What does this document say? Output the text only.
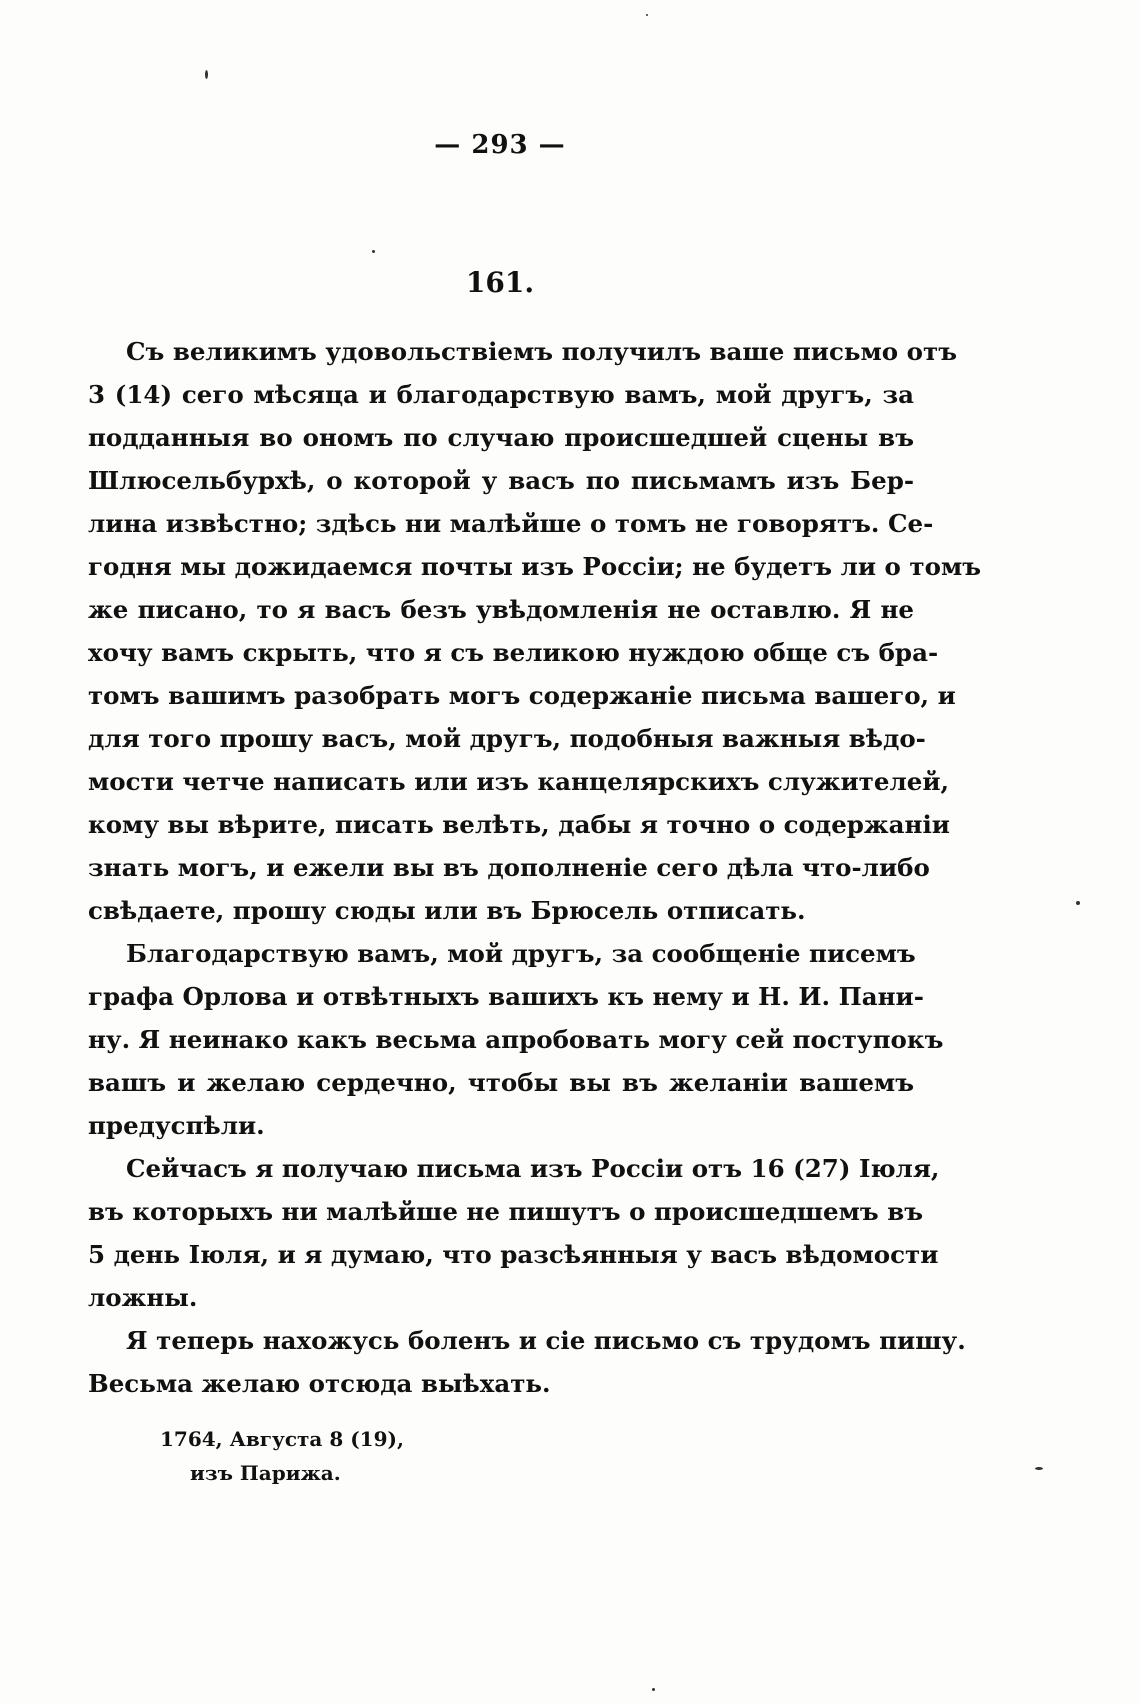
— 293 —
161.
Съ великимъ удовольствіемъ получилъ ваше письмо отъ
3 (14) сего мѣсяца и благодарствую вамъ, мой другъ, за
подданныя во ономъ по случаю происшедшей сцены въ
Шлюсельбурхѣ, о которой у васъ по письмамъ изъ Бер-
лина извѣстно; здѣсь ни малѣйше о томъ не говорятъ. Се-
годня мы дожидаемся почты изъ Россіи; не будетъ ли о томъ
же писано, то я васъ безъ увѣдомленія не оставлю. Я не
хочу вамъ скрыть, что я съ великою нуждою обще съ бра-
томъ вашимъ разобрать могъ содержаніе письма вашего, и
для того прошу васъ, мой другъ, подобныя важныя вѣдо-
мости четче написать или изъ канцелярскихъ служителей,
кому вы вѣрите, писать велѣть, дабы я точно о содержаніи
знать могъ, и ежели вы въ дополненіе сего дѣла что-либо
свѣдаете, прошу сюды или въ Брюсель отписать.
Благодарствую вамъ, мой другъ, за сообщеніе писемъ
графа Орлова и отвѣтныхъ вашихъ къ нему и Н. И. Пани-
ну. Я неинако какъ весьма апробовать могу сей поступокъ
вашъ и желаю сердечно, чтобы вы въ желаніи вашемъ
предуспѣли.
Сейчасъ я получаю письма изъ Россіи отъ 16 (27) Іюля,
въ которыхъ ни малѣйше не пишутъ о происшедшемъ въ
5 день Іюля, и я думаю, что разсѣянныя у васъ вѣдомости
ложны.
Я теперь нахожусь боленъ и сіе письмо съ трудомъ пишу.
Весьма желаю отсюда выѣхать.
1764, Августа 8 (19),
изъ Парижа.
